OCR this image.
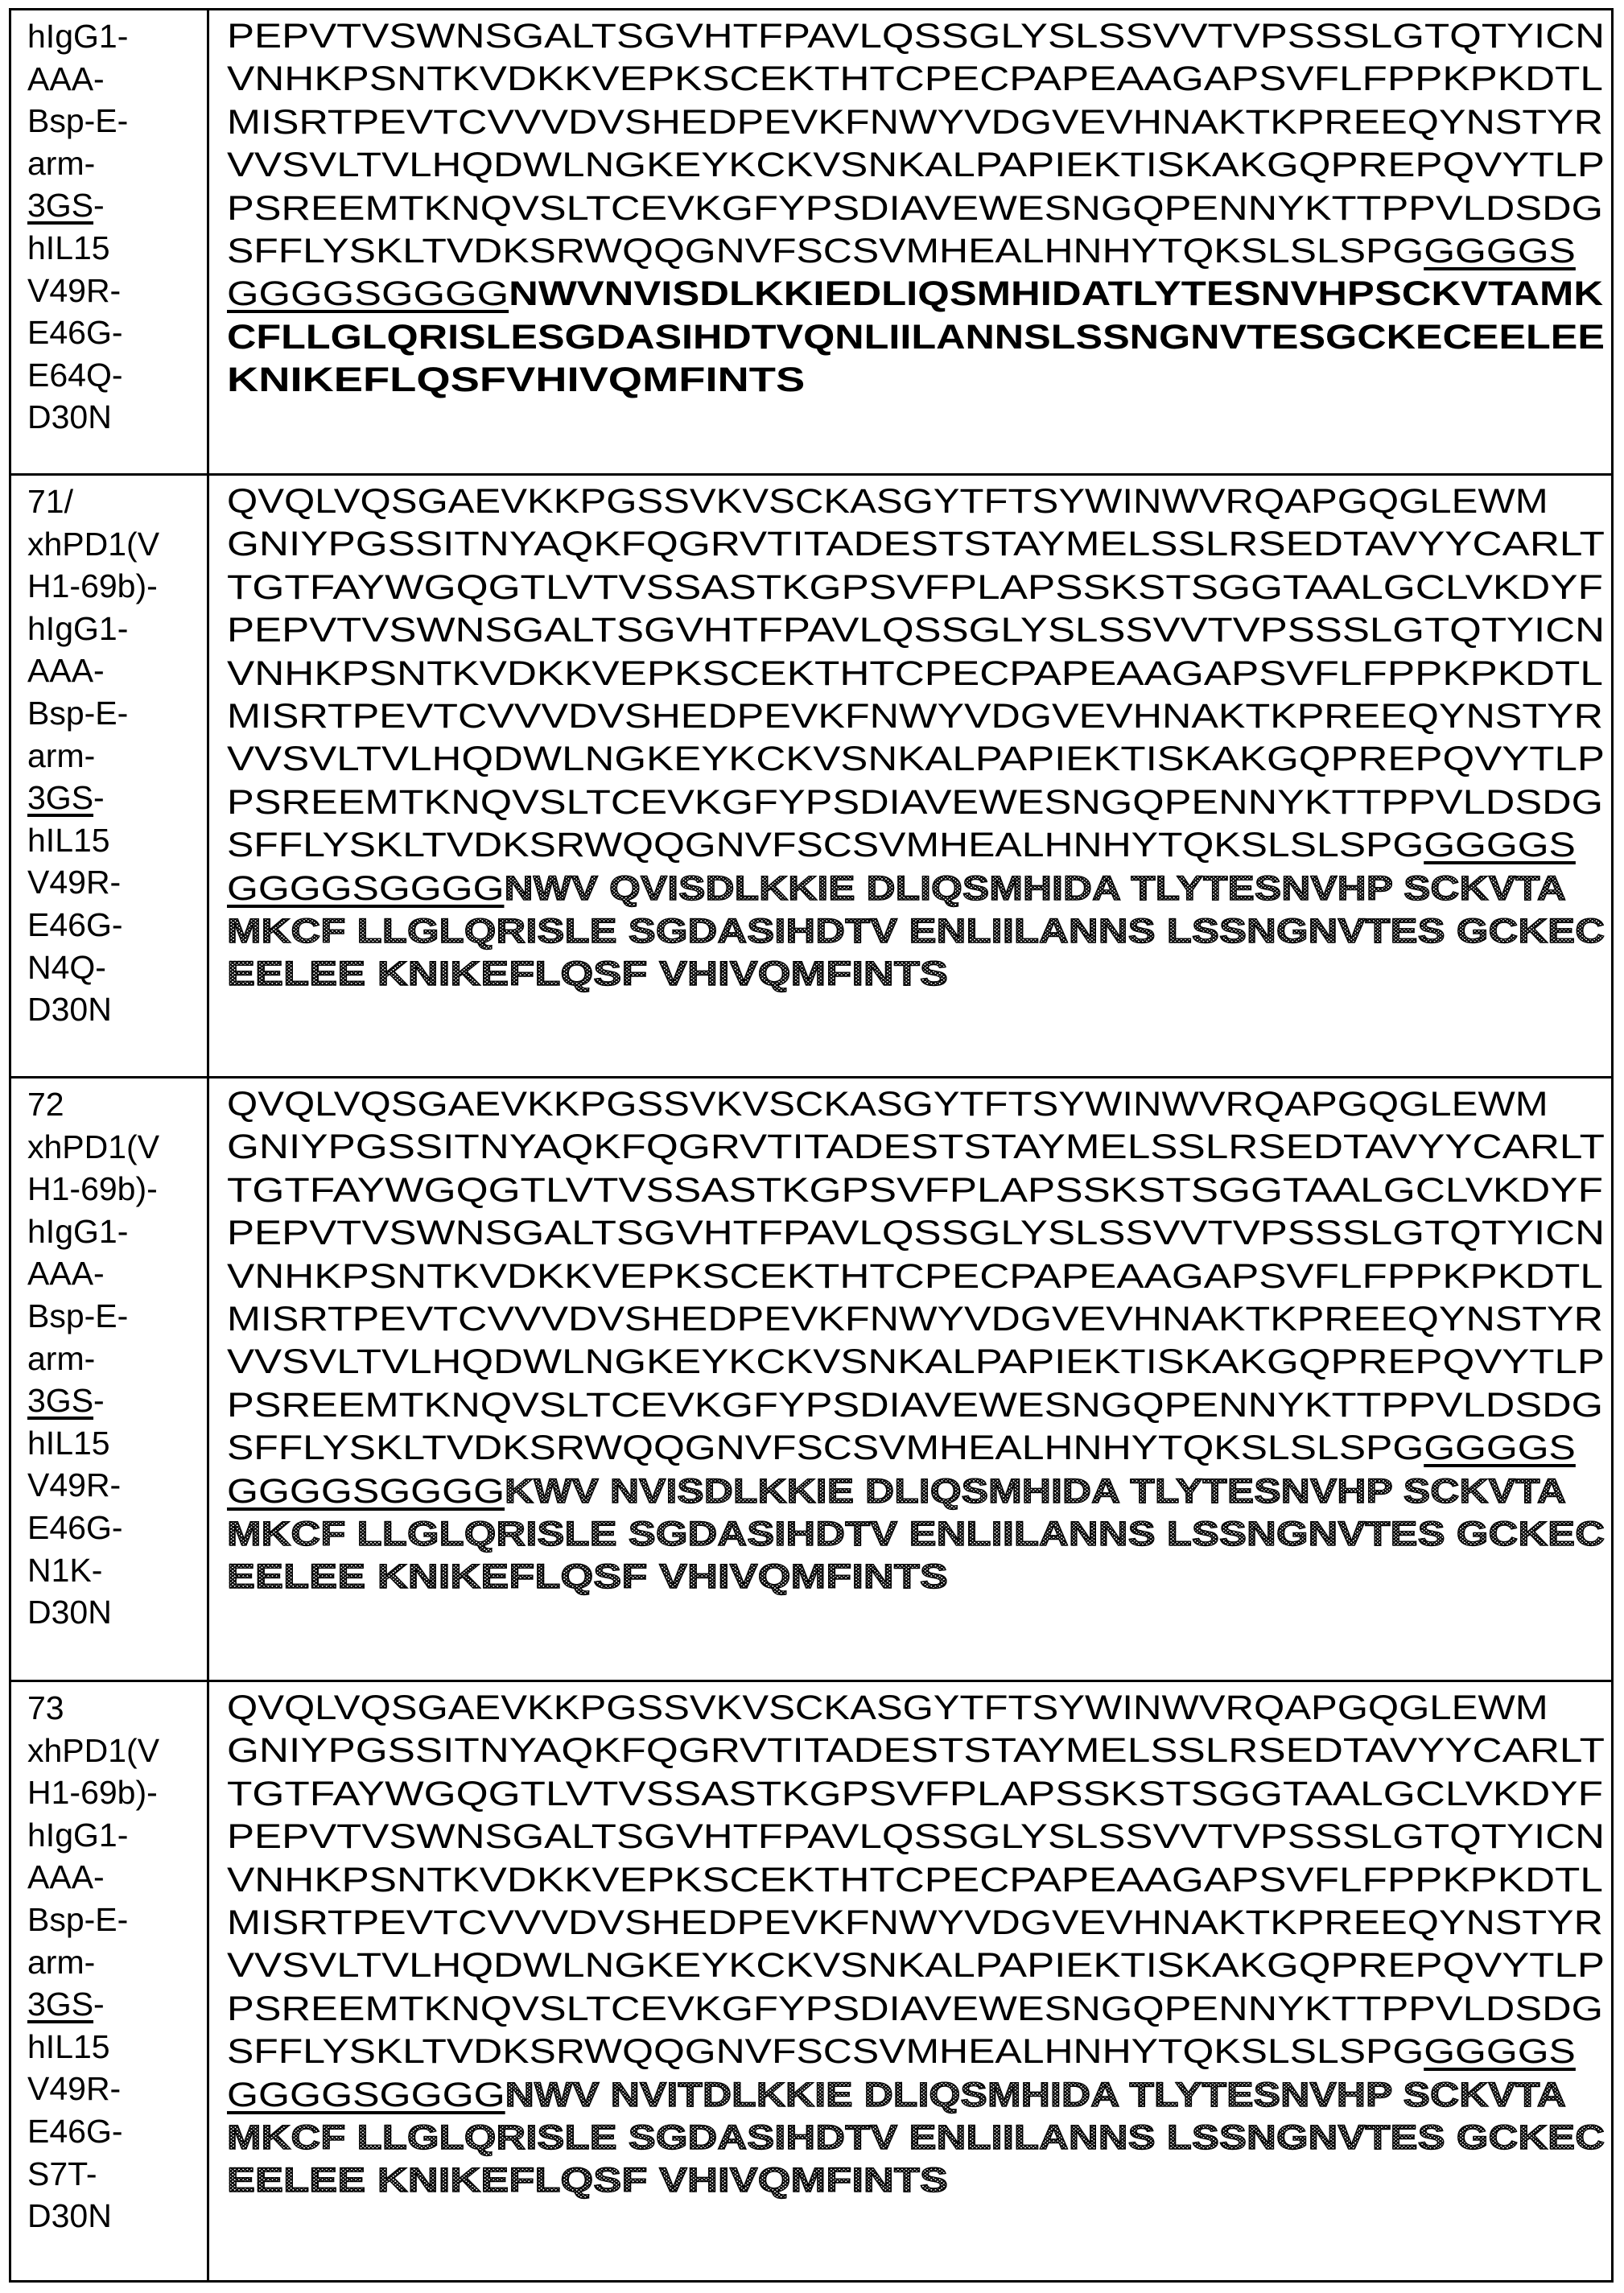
hIgG1-
AAA-
Bsp-E-
arm-
3GS-
hIL15
V49R-
E46G-
E64Q-
D30N
PEPVTVSWNSGALTSGVHTFPAVLQSSGLYSLSSVVTVPSSSLGTQTYICN
VNHKPSNTKVDKKVEPKSCEKTHTCPECPAPEAAGAPSVFLFPPKPKDTL
MISRTPEVTCVVVDVSHEDPEVKFNWYVDGVEVHNAKTKPREEQYNSTYR
VVSVLTVLHQDWLNGKEYKCKVSNKALPAPIEKTISKAKGQPREPQVYTLP
PSREEMTKNQVSLTCEVKGFYPSDIAVEWESNGQPENNYKTTPPVLDSDG
SFFLYSKLTVDKSRWQQGNVFSCSVMHEALHNHYTQKSLSLSPGGGGGS
GGGGSGGGGNWVNVISDLKKIEDLIQSMHIDATLYTESNVHPSCKVTAMK
CFLLGLQRISLESGDASIHDTVQNLIILANNSLSSNGNVTESGCKECEELEE
KNIKEFLQSFVHIVQMFINTS
71/
xhPD1(V
H1-69b)-
hIgG1-
AAA-
Bsp-E-
arm-
3GS-
hIL15
V49R-
E46G-
N4Q-
D30N
QVQLVQSGAEVKKPGSSVKVSCKASGYTFTSYWINWVRQAPGQGLEWM
GNIYPGSSITNYAQKFQGRVTITADESTSTAYMELSSLRSEDTAVYYCARLT
TGTFAYWGQGTLVTVSSASTKGPSVFPLAPSSKSTSGGTAALGCLVKDYF
PEPVTVSWNSGALTSGVHTFPAVLQSSGLYSLSSVVTVPSSSLGTQTYICN
VNHKPSNTKVDKKVEPKSCEKTHTCPECPAPEAAGAPSVFLFPPKPKDTL
MISRTPEVTCVVVDVSHEDPEVKFNWYVDGVEVHNAKTKPREEQYNSTYR
VVSVLTVLHQDWLNGKEYKCKVSNKALPAPIEKTISKAKGQPREPQVYTLP
PSREEMTKNQVSLTCEVKGFYPSDIAVEWESNGQPENNYKTTPPVLDSDG
SFFLYSKLTVDKSRWQQGNVFSCSVMHEALHNHYTQKSLSLSPGGGGGS
GGGGSGGGGNWV QVISDLKKIE DLIQSMHIDA TLYTESNVHP SCKVTA
MKCF LLGLQRISLE SGDASIHDTV ENLIILANNS LSSNGNVTES GCKEC
EELEE KNIKEFLQSF VHIVQMFINTS
72
xhPD1(V
H1-69b)-
hIgG1-
AAA-
Bsp-E-
arm-
3GS-
hIL15
V49R-
E46G-
N1K-
D30N
QVQLVQSGAEVKKPGSSVKVSCKASGYTFTSYWINWVRQAPGQGLEWM
GNIYPGSSITNYAQKFQGRVTITADESTSTAYMELSSLRSEDTAVYYCARLT
TGTFAYWGQGTLVTVSSASTKGPSVFPLAPSSKSTSGGTAALGCLVKDYF
PEPVTVSWNSGALTSGVHTFPAVLQSSGLYSLSSVVTVPSSSLGTQTYICN
VNHKPSNTKVDKKVEPKSCEKTHTCPECPAPEAAGAPSVFLFPPKPKDTL
MISRTPEVTCVVVDVSHEDPEVKFNWYVDGVEVHNAKTKPREEQYNSTYR
VVSVLTVLHQDWLNGKEYKCKVSNKALPAPIEKTISKAKGQPREPQVYTLP
PSREEMTKNQVSLTCEVKGFYPSDIAVEWESNGQPENNYKTTPPVLDSDG
SFFLYSKLTVDKSRWQQGNVFSCSVMHEALHNHYTQKSLSLSPGGGGGS
GGGGSGGGGKWV NVISDLKKIE DLIQSMHIDA TLYTESNVHP SCKVTA
MKCF LLGLQRISLE SGDASIHDTV ENLIILANNS LSSNGNVTES GCKEC
EELEE KNIKEFLQSF VHIVQMFINTS
73
xhPD1(V
H1-69b)-
hIgG1-
AAA-
Bsp-E-
arm-
3GS-
hIL15
V49R-
E46G-
S7T-
D30N
QVQLVQSGAEVKKPGSSVKVSCKASGYTFTSYWINWVRQAPGQGLEWM
GNIYPGSSITNYAQKFQGRVTITADESTSTAYMELSSLRSEDTAVYYCARLT
TGTFAYWGQGTLVTVSSASTKGPSVFPLAPSSKSTSGGTAALGCLVKDYF
PEPVTVSWNSGALTSGVHTFPAVLQSSGLYSLSSVVTVPSSSLGTQTYICN
VNHKPSNTKVDKKVEPKSCEKTHTCPECPAPEAAGAPSVFLFPPKPKDTL
MISRTPEVTCVVVDVSHEDPEVKFNWYVDGVEVHNAKTKPREEQYNSTYR
VVSVLTVLHQDWLNGKEYKCKVSNKALPAPIEKTISKAKGQPREPQVYTLP
PSREEMTKNQVSLTCEVKGFYPSDIAVEWESNGQPENNYKTTPPVLDSDG
SFFLYSKLTVDKSRWQQGNVFSCSVMHEALHNHYTQKSLSLSPGGGGGS
GGGGSGGGGNWV NVITDLKKIE DLIQSMHIDA TLYTESNVHP SCKVTA
MKCF LLGLQRISLE SGDASIHDTV ENLIILANNS LSSNGNVTES GCKEC
EELEE KNIKEFLQSF VHIVQMFINTS
